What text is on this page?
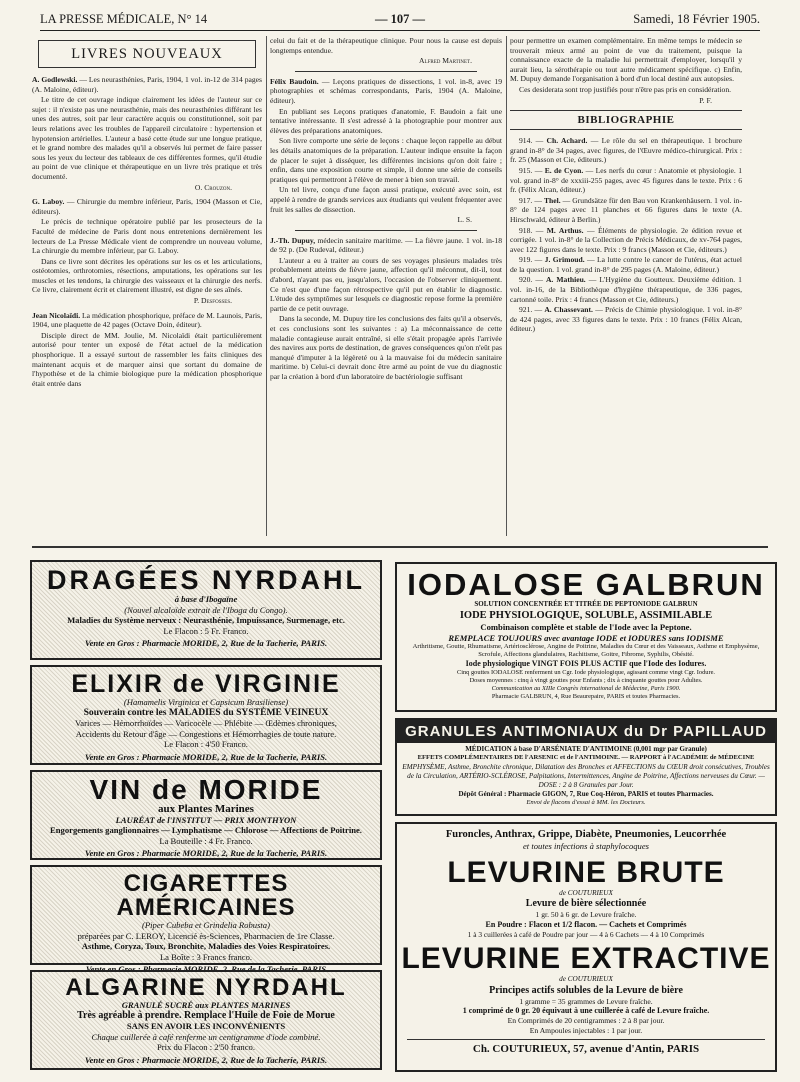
LA PRESSE MÉDICALE, N° 14	— 107 —	Samedi, 18 Février 1905.
LIVRES NOUVEAUX

A. Godlewski. — Les neurasthénies, Paris, 1904, 1 vol. in-12 de 314 pages (A. Maloine, éditeur).

Le titre de cet ouvrage indique clairement les idées de l'auteur sur ce sujet : il n'existe pas une neurasthénie, mais des neurasthénies différant les unes des autres, soit par leur caractère acquis ou constitutionnel, soit par leurs relations avec les troubles de l'appareil circulatoire : hypertension et hypotension artérielles. L'auteur a basé cette étude sur une longue pratique, et le grand nombre des malades qu'il a observés lui permet de faire passer sous les yeux du lecteur des tableaux de ces différentes formes, qu'il étudie au point de vue clinique et thérapeutique en un livre très pratique et très documenté.

O. Crouzon.

G. Laboy. — Chirurgie du membre inférieur, Paris, 1904 (Masson et Cie, éditeurs).

Le précis de technique opératoire publié par les prosecteurs de la Faculté de médecine de Paris dont nous entretenions dernièrement les lecteurs de La Presse Médicale vient de comprendre un nouveau volume, La chirurgie du membre inférieur, par G. Laboy.

Dans ce livre sont décrites les opérations sur les os et les articulations, ostéotomies, orthrotomies, résections, amputations, les opérations sur les muscles et les tendons, la chirurgie des vaisseaux et la chirurgie des nerfs. Ce livre, clairement écrit et clairement illustré, est digne de ses aînés.

P. Desfosses.

Jean Nicolaïdi. La médication phosphorique, préface de M. Launois, Paris, 1904, une plaquette de 42 pages (Octave Doin, éditeur).

Disciple direct de MM. Joulie, M. Nicolaïdi était particulièrement autorisé pour tenter un exposé de l'état actuel de la médication phosphorique. Il a essayé surtout de rassembler les faits cliniques des maintenant acquis et de marquer ainsi que sortant du domaine de l'hypothèse et de la chimie biologique pure la médication phosphorique était entrée dans

celui du fait et de la thérapeutique clinique. Pour nous la cause est depuis longtemps entendue.

Alfred Martinet.

Félix Baudoin. — Leçons pratiques de dissections, 1 vol. in-8, avec 19 photographies et schémas correspondants, Paris, 1904 (A. Maloine, éditeur).

En publiant ses Leçons pratiques d'anatomie, F. Baudoin a fait une tentative intéressante. Il s'est adressé à la photographie pour montrer aux élèves des préparations anatomiques.

Son livre comporte une série de leçons : chaque leçon rappelle au début les détails anatomiques de la préparation. L'auteur indique ensuite la façon de placer le sujet à disséquer, les différentes incisions qu'on doit faire ; enfin, dans une exposition courte et simple, il donne une série de conseils pratiques qui permettront à l'élève de mener à bien son travail.

Un tel livre, conçu d'une façon aussi pratique, exécuté avec soin, est appelé à rendre de grands services aux étudiants qui veulent fréquenter avec fruit les salles de dissection.

L. S.

J.-Th. Dupuy, médecin sanitaire maritime. — La fièvre jaune. 1 vol. in-18 de 92 p. (De Rudeval, éditeur.)

L'auteur a eu à traiter au cours de ses voyages plusieurs malades très probablement atteints de fièvre jaune, affection qu'il méconnut, dit-il, tout d'abord, n'ayant pas eu, jusqu'alors, l'occasion de l'observer cliniquement. Ce n'est que d'une façon rétrospective qu'il put en établir le diagnostic. L'étude des symptômes sur lesquels ce diagnostic repose forme la première partie de ce petit ouvrage.

Dans la seconde, M. Dupuy tire les conclusions des faits qu'il a observés, et ces conclusions sont les suivantes : a) La méconnaissance de cette maladie contagieuse aurait entraîné, si elle s'était propagée après l'arrivée des navires aux ports de destination, de graves conséquences qu'on n'eût pas manqué d'imputer à la légèreté ou à la mauvaise foi du médecin sanitaire maritime. b) Celui-ci devrait donc être armé au point de vue du diagnostic par la création à bord d'un laboratoire de bactériologie suffisant

pour permettre un examen complémentaire. En même temps le médecin se trouverait mieux armé au point de vue du traitement, puisque la connaissance exacte de la maladie lui permettrait d'employer, lorsqu'il y aurait lieu, la sérothérapie ou tout autre médicament spécifique. c) Enfin, M. Dupuy demande l'organisation à bord d'un local destiné aux autopsies.

Ces desiderata sont trop justifiés pour n'être pas pris en considération.

P. F.
BIBLIOGRAPHIE

914. — Ch. Achard. — Le rôle du sel en thérapeutique. 1 brochure grand in-8° de 34 pages, avec figures, de l'Œuvre médico-chirurgical. Prix : fr. 25 (Masson et Cie, éditeurs.)

915. — E. de Cyon. — Les nerfs du cœur : Anatomie et physiologie. 1 vol. grand in-8° de xxxiii-255 pages, avec 45 figures dans le texte. Prix : 6 fr. (Félix Alcan, éditeur.)

917. — Thel. — Grundsätze für den Bau von Krankenhäusern. 1 vol. in-8° de 124 pages avec 11 planches et 66 figures dans le texte (A. Hirschwald, éditeur à Berlin.)

918. — M. Arthus. — Éléments de physiologie. 2e édition revue et corrigée. 1 vol. in-8° de la Collection de Précis Médicaux, de xv-764 pages, avec 122 figures dans le texte. Prix : 9 francs (Masson et Cie, éditeurs.)

919. — J. Grimoud. — La lutte contre le cancer de l'utérus, état actuel de la question. 1 vol. grand in-8° de 295 pages (A. Maloine, éditeur.)

920. — A. Mathieu. — L'Hygiène du Goutteux. Deuxième édition. 1 vol. in-16, de la Bibliothèque d'hygiène thérapeutique, de 336 pages, cartonné toile. Prix : 4 francs (Masson et Cie, éditeurs.)

921. — A. Chassevant. — Précis de Chimie physiologique. 1 vol. in-8° de 424 pages, avec 33 figures dans le texte. Prix : 10 francs (Félix Alcan, éditeur.)

DRAGÉES NYRDAHL
à base d'Ibogaïne
(Nouvel alcaloïde extrait de l'Iboga du Congo).
Maladies du Système nerveux : Neurasthénie, Impuissance, Surmenage, etc.
Le Flacon : 5 Fr. Franco.
Vente en Gros : Pharmacie MORIDE, 2, Rue de la Tacherie, PARIS.
ELIXIR de VIRGINIE
(Hamamelis Virginica et Capsicum Brasiliense)
Souverain contre les MALADIES du SYSTÈME VEINEUX
Varices — Hémorrhoïdes — Varicocèle — Phlébite — Œdèmes chroniques,
Accidents du Retour d'âge — Congestions et Hémorrhagies de toute nature.
Le Flacon : 4'50 Franco.
Vente en Gros : Pharmacie MORIDE, 2, Rue de la Tacherie, PARIS.
VIN de MORIDE
aux Plantes Marines
LAURÉAT de l'INSTITUT — PRIX MONTHYON
Engorgements ganglionnaires — Lymphatisme — Chlorose — Affections de Poitrine.
La Bouteille : 4 Fr. Franco.
Vente en Gros : Pharmacie MORIDE, 2, Rue de la Tacherie, PARIS.
CIGARETTES AMÉRICAINES
(Piper Cubeba et Grindelia Robusta)
préparées par C. LEROY, Licencié ès-Sciences, Pharmacien de 1re Classe.
Asthme, Coryza, Toux, Bronchite, Maladies des Voies Respiratoires.
La Boîte : 3 Francs franco.
ALGARINE NYRDAHL
GRANULÉ SUCRÉ aux PLANTES MARINES
Très agréable à prendre. Remplace l'Huile de Foie de Morue
SANS EN AVOIR LES INCONVÉNIENTS
Chaque cuillerée à café renferme un centigramme d'iode combiné.
Prix du Flacon : 2'50 franco.
Vente en Gros : Pharmacie MORIDE, 2, Rue de la Tacherie, PARIS.
IODALOSE GALBRUN
SOLUTION CONCENTRÉE ET TITRÉE DE PEPTONIODE GALBRUN
IODE PHYSIOLOGIQUE, SOLUBLE, ASSIMILABLE
Combinaison complète et stable de l'Iode avec la Peptone.
REMPLACE TOUJOURS avec avantage IODE et IODURES sans IODISME
Arthritisme, Goutte, Rhumatisme, Artériosclérose, Angine de Poitrine, Maladies du Cœur et des Vaisseaux, Asthme et Emphysème, Scrofule, Affections glandulaires, Rachitisme, Goitre, Fibrome, Syphilis, Obésité.
Iode physiologique VINGT FOIS PLUS ACTIF que l'Iode des Iodures.
Cinq gouttes IODALOSE renferment un Cgr. Iode physiologique, agissant comme vingt Cgr. Iodure.
Doses moyennes : cinq à vingt gouttes pour Enfants ; dix à cinquante gouttes pour Adultes.
Communication au XIIIe Congrès international de Médecine, Paris 1900.
Pharmacie GALBRUN, 4, Rue Beaurepaire, PARIS et toutes Pharmacies.
GRANULES ANTIMONIAUX du Dr PAPILLAUD
MÉDICATION à base D'ARSÉNIATE D'ANTIMOINE (0,001 mgr par Granule)
EFFETS COMPLÉMENTAIRES DE l'ARSENIC et de l'ANTIMOINE. — RAPPORT à l'ACADÉMIE de MÉDECINE
EMPHYSÈME, Asthme, Bronchite chronique, Dilatation des Bronches et AFFECTIONS du CŒUR droit consécutives, Troubles de la Circulation, ARTÉRIO-SCLÉROSE, Palpitations, Intermittences, Angine de Poitrine, Affections nerveuses du Cœur. — DOSE : 2 à 8 Granules par Jour.
Dépôt Général : Pharmacie GIGON, 7, Rue Coq-Héron, PARIS et toutes Pharmacies.
Envoi de flacons d'essai à MM. les Docteurs.
Furoncles, Anthrax, Grippe, Diabète, Pneumonies, Leucorrhée
et toutes infections à staphylocoques
LEVURINE BRUTE
de COUTURIEUX
Levure de bière sélectionnée
1 gr. 50 à 6 gr. de Levure fraîche.
En Poudre : Flacon et 1/2 flacon. — Cachets et Comprimés
1 à 3 cuillerées à café de Poudre par jour — 4 à 6 Cachets — 4 à 10 Comprimés
LEVURINE EXTRACTIVE
de COUTURIEUX
Principes actifs solubles de la Levure de bière
1 gramme = 35 grammes de Levure fraîche.
1 comprimé de 0 gr. 20 équivaut à une cuillerée à café de Levure fraîche.
En Comprimés de 20 centigrammes : 2 à 8 par jour.
En Ampoules injectables : 1 par jour.
Ch. COUTURIEUX, 57, avenue d'Antin, PARIS
